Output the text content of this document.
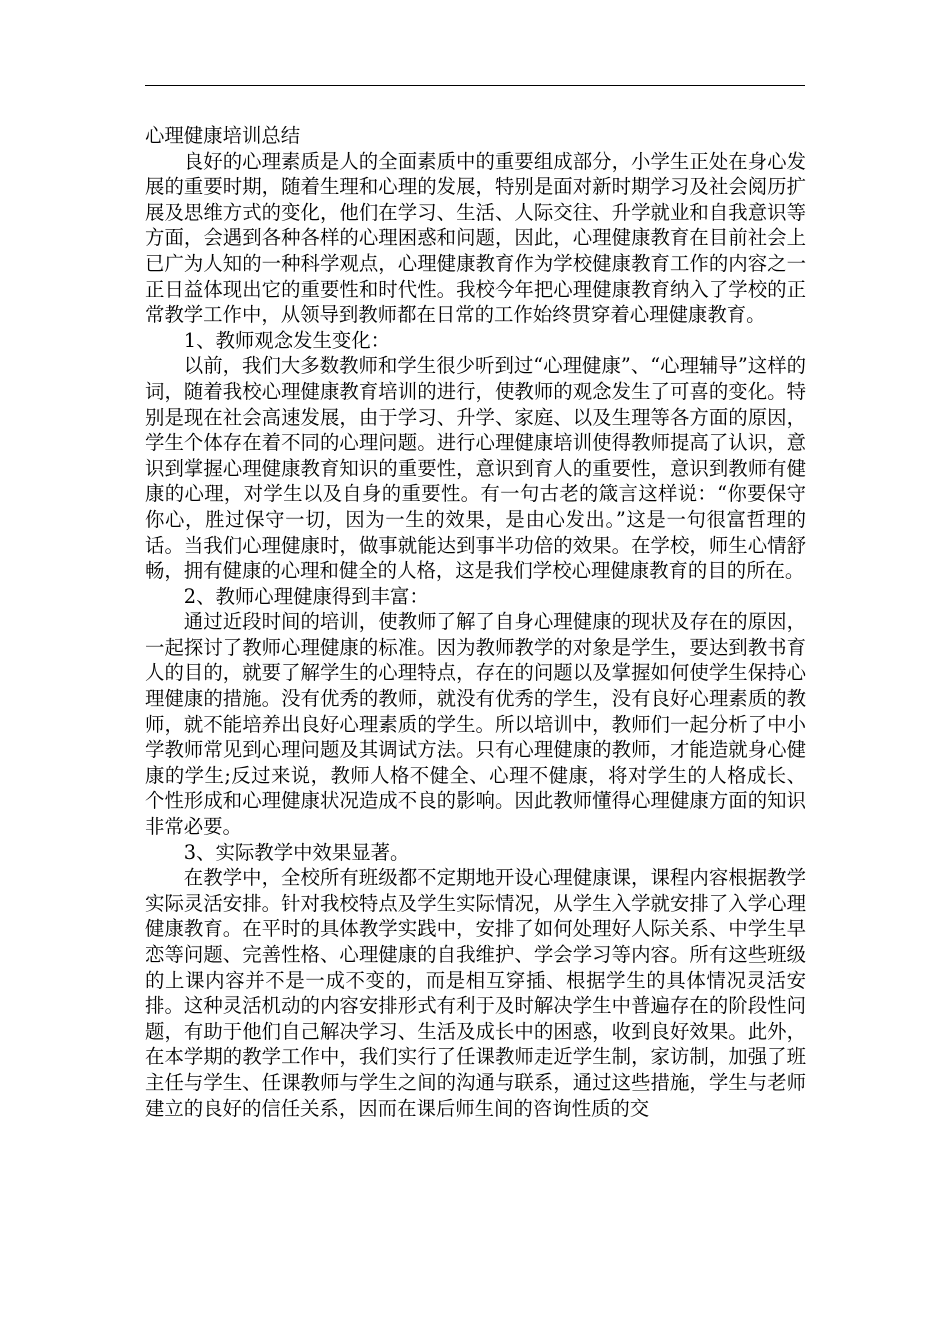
心理健康培训总结

良好的心理素质是人的全面素质中的重要组成部分，小学生正处在身心发展的重要时期，随着生理和心理的发展，特别是面对新时期学习及社会阅历扩展及思维方式的变化，他们在学习、生活、人际交往、升学就业和自我意识等方面，会遇到各种各样的心理困惑和问题，因此，心理健康教育在目前社会上已广为人知的一种科学观点，心理健康教育作为学校健康教育工作的内容之一正日益体现出它的重要性和时代性。我校今年把心理健康教育纳入了学校的正常教学工作中，从领导到教师都在日常的工作始终贯穿着心理健康教育。

1、教师观念发生变化：

以前，我们大多数教师和学生很少听到过“心理健康”、“心理辅导”这样的词，随着我校心理健康教育培训的进行，使教师的观念发生了可喜的变化。特别是现在社会高速发展，由于学习、升学、家庭、以及生理等各方面的原因，学生个体存在着不同的心理问题。进行心理健康培训使得教师提高了认识，意识到掌握心理健康教育知识的重要性，意识到育人的重要性，意识到教师有健康的心理，对学生以及自身的重要性。有一句古老的箴言这样说：“你要保守你心，胜过保守一切，因为一生的效果，是由心发出。”这是一句很富哲理的话。当我们心理健康时，做事就能达到事半功倍的效果。在学校，师生心情舒畅，拥有健康的心理和健全的人格，这是我们学校心理健康教育的目的所在。

2、教师心理健康得到丰富：

通过近段时间的培训，使教师了解了自身心理健康的现状及存在的原因，一起探讨了教师心理健康的标准。因为教师教学的对象是学生，要达到教书育人的目的，就要了解学生的心理特点，存在的问题以及掌握如何使学生保持心理健康的措施。没有优秀的教师，就没有优秀的学生，没有良好心理素质的教师，就不能培养出良好心理素质的学生。所以培训中，教师们一起分析了中小学教师常见到心理问题及其调试方法。只有心理健康的教师，才能造就身心健康的学生;反过来说，教师人格不健全、心理不健康，将对学生的人格成长、个性形成和心理健康状况造成不良的影响。因此教师懂得心理健康方面的知识非常必要。

3、实际教学中效果显著。

在教学中，全校所有班级都不定期地开设心理健康课，课程内容根据教学实际灵活安排。针对我校特点及学生实际情况，从学生入学就安排了入学心理健康教育。在平时的具体教学实践中，安排了如何处理好人际关系、中学生早恋等问题、完善性格、心理健康的自我维护、学会学习等内容。所有这些班级的上课内容并不是一成不变的，而是相互穿插、根据学生的具体情况灵活安排。这种灵活机动的内容安排形式有利于及时解决学生中普遍存在的阶段性问题，有助于他们自己解决学习、生活及成长中的困惑，收到良好效果。此外，在本学期的教学工作中，我们实行了任课教师走近学生制，家访制，加强了班主任与学生、任课教师与学生之间的沟通与联系，通过这些措施，学生与老师建立的良好的信任关系，因而在课后师生间的咨询性质的交
